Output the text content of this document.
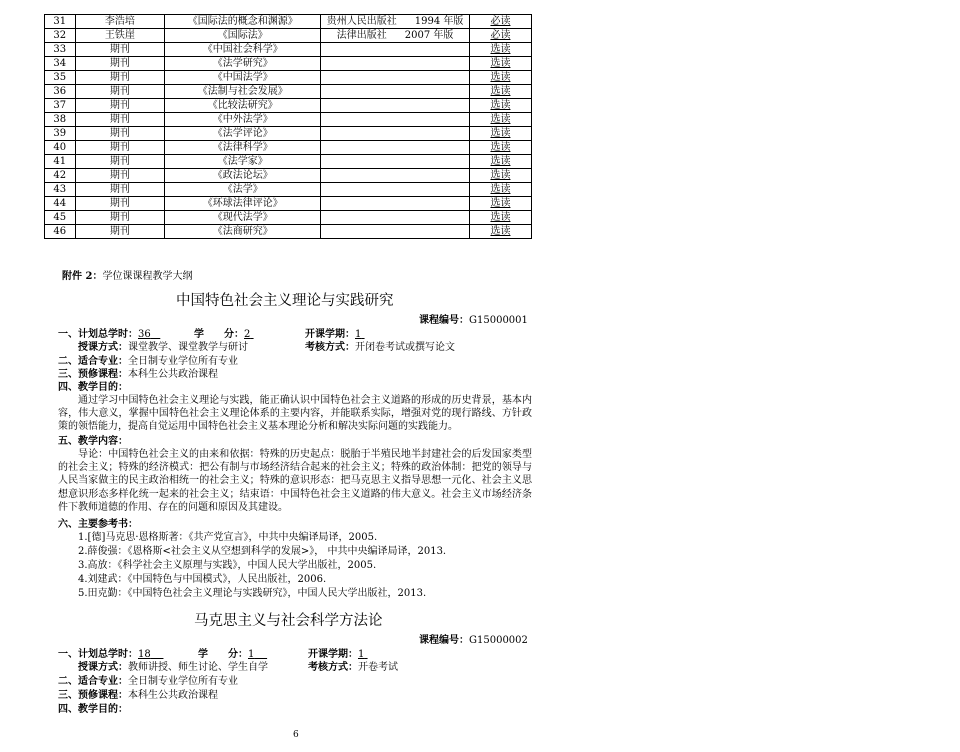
31	李浩培	《国际法的概念和渊源》	贵州人民出版社 1994 年版	必读
32	王铁崖	《国际法》	法律出版社 2007 年版	必读
33	期刊	《中国社会科学》		选读
34	期刊	《法学研究》		选读
35	期刊	《中国法学》		选读
36	期刊	《法制与社会发展》		选读
37	期刊	《比较法研究》		选读
38	期刊	《中外法学》		选读
39	期刊	《法学评论》		选读
40	期刊	《法律科学》		选读
41	期刊	《法学家》		选读
42	期刊	《政法论坛》		选读
43	期刊	《法学》		选读
44	期刊	《环球法律评论》		选读
45	期刊	《现代法学》		选读
46	期刊	《法商研究》		选读
附件 2：学位课课程教学大纲
中国特色社会主义理论与实践研究
课程编号：G15000001
一、计划总学时：36	学　　分：2	开课学期：1
授课方式：课堂教学、课堂教学与研讨	考核方式：开闭卷考试或撰写论文
二、适合专业：全日制专业学位所有专业
三、预修课程：本科生公共政治课程
四、教学目的：
通过学习中国特色社会主义理论与实践，能正确认识中国特色社会主义道路的形成的历史背景，基本内容，伟大意义，掌握中国特色社会主义理论体系的主要内容，并能联系实际，增强对党的现行路线、方针政策的领悟能力，提高自觉运用中国特色社会主义基本理论分析和解决实际问题的实践能力。
五、教学内容：
导论：中国特色社会主义的由来和依据：特殊的历史起点：脱胎于半殖民地半封建社会的后发国家类型的社会主义；特殊的经济模式：把公有制与市场经济结合起来的社会主义；特殊的政治体制：把党的领导与人民当家做主的民主政治相统一的社会主义；特殊的意识形态：把马克思主义指导思想一元化、社会主义思想意识形态多样化统一起来的社会主义；结束语：中国特色社会主义道路的伟大意义。社会主义市场经济条件下教师道德的作用、存在的问题和原因及其建设。
六、主要参考书：
1.[德]马克思·恩格斯著：《共产党宣言》，中共中央编译局译，2005.
2.薛俊强：《恩格斯<社会主义从空想到科学的发展>》， 中共中央编译局译，2013.
3.高放：《科学社会主义原理与实践》，中国人民大学出版社，2005.
4.刘建武：《中国特色与中国模式》，人民出版社，2006.
5.田克勤：《中国特色社会主义理论与实践研究》，中国人民大学出版社，2013.
马克思主义与社会科学方法论
课程编号：G15000002
一、计划总学时：18	学　　分：1	开课学期：1
授课方式：教师讲授、师生讨论、学生自学	考核方式：开卷考试
二、适合专业：全日制专业学位所有专业
三、预修课程：本科生公共政治课程
四、教学目的：
6
